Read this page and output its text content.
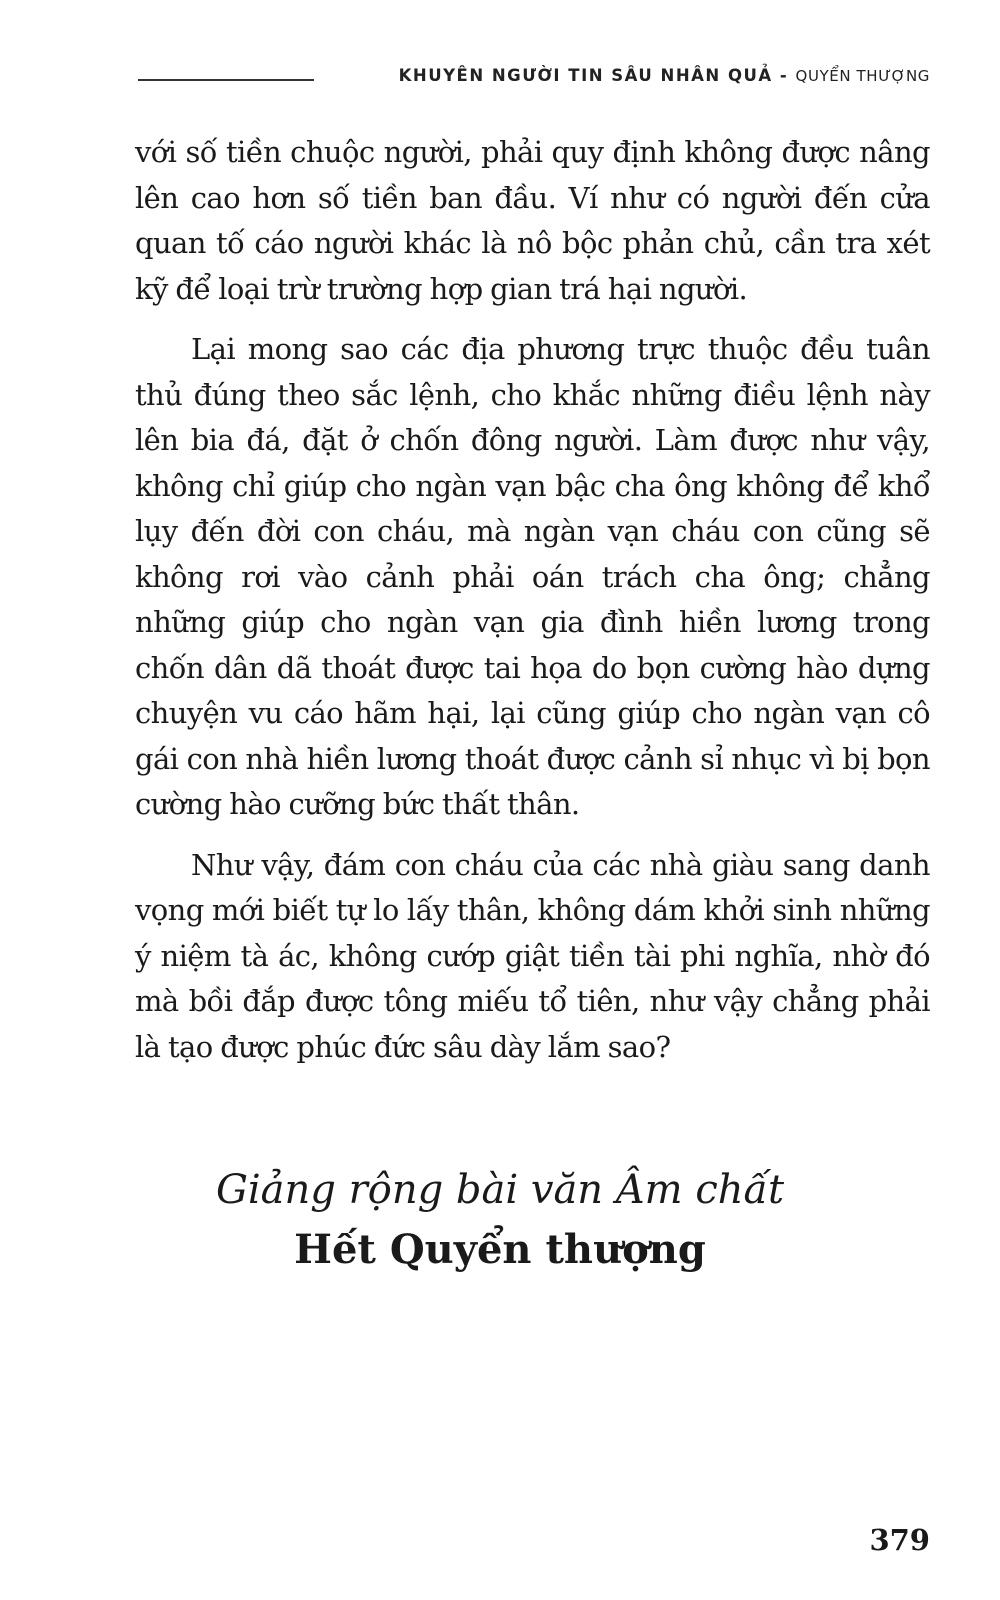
KHUYÊN NGƯỜI TIN SÂU NHÂN QUẢ - QUYỂN THƯỢNG

với số tiền chuộc người, phải quy định không được nâng lên cao hơn số tiền ban đầu. Ví như có người đến cửa quan tố cáo người khác là nô bộc phản chủ, cần tra xét kỹ để loại trừ trường hợp gian trá hại người.

Lại mong sao các địa phương trực thuộc đều tuân thủ đúng theo sắc lệnh, cho khắc những điều lệnh này lên bia đá, đặt ở chốn đông người. Làm được như vậy, không chỉ giúp cho ngàn vạn bậc cha ông không để khổ lụy đến đời con cháu, mà ngàn vạn cháu con cũng sẽ không rơi vào cảnh phải oán trách cha ông; chẳng những giúp cho ngàn vạn gia đình hiền lương trong chốn dân dã thoát được tai họa do bọn cường hào dựng chuyện vu cáo hãm hại, lại cũng giúp cho ngàn vạn cô gái con nhà hiền lương thoát được cảnh sỉ nhục vì bị bọn cường hào cưỡng bức thất thân.

Như vậy, đám con cháu của các nhà giàu sang danh vọng mới biết tự lo lấy thân, không dám khởi sinh những ý niệm tà ác, không cướp giật tiền tài phi nghĩa, nhờ đó mà bồi đắp được tông miếu tổ tiên, như vậy chẳng phải là tạo được phúc đức sâu dày lắm sao?

Giảng rộng bài văn Âm chất
Hết Quyển thượng
379
